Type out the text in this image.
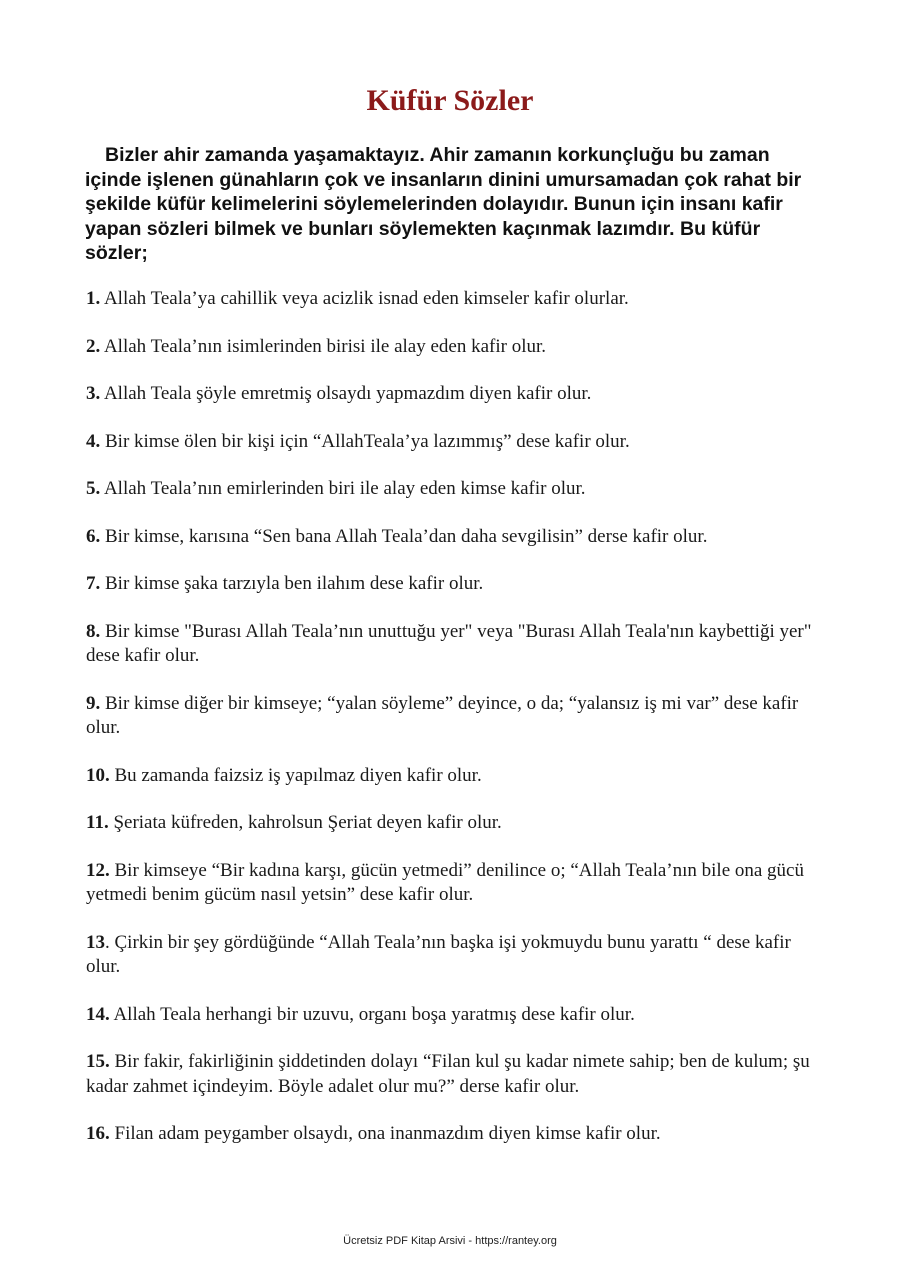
Küfür Sözler

Bizler ahir zamanda yaşamaktayız. Ahir zamanın korkunçluğu bu zaman içinde işlenen günahların çok ve insanların dinini umursamadan çok rahat bir şekilde küfür kelimelerini söylemelerinden dolayıdır. Bunun için insanı kafir yapan sözleri bilmek ve bunları söylemekten kaçınmak lazımdır. Bu küfür sözler;

1. Allah Teala’ya cahillik veya acizlik isnad eden kimseler kafir olurlar.
2. Allah Teala’nın isimlerinden birisi ile alay eden kafir olur.
3. Allah Teala şöyle emretmiş olsaydı yapmazdım diyen kafir olur.
4. Bir kimse ölen bir kişi için “AllahTeala’ya lazımmış” dese kafir olur.
5. Allah Teala’nın emirlerinden biri ile alay eden kimse kafir olur.
6. Bir kimse, karısına “Sen bana Allah Teala’dan daha sevgilisin” derse kafir olur.
7. Bir kimse şaka tarzıyla ben ilahım dese kafir olur.
8. Bir kimse "Burası Allah Teala’nın unuttuğu yer" veya "Burası Allah Teala'nın kaybettiği yer" dese kafir olur.
9. Bir kimse diğer bir kimseye; “yalan söyleme” deyince, o da; “yalansız iş mi var” dese kafir olur.
10. Bu zamanda faizsiz iş yapılmaz diyen kafir olur.
11. Şeriata küfreden, kahrolsun Şeriat deyen kafir olur.
12. Bir kimseye “Bir kadına karşı, gücün yetmedi” denilince o; “Allah Teala’nın bile ona gücü yetmedi benim gücüm nasıl yetsin” dese kafir olur.
13. Çirkin bir şey gördüğünde “Allah Teala’nın başka işi yokmuydu bunu yarattı “ dese kafir olur.
14. Allah Teala herhangi bir uzuvu, organı boşa yaratmış dese kafir olur.
15. Bir fakir, fakirliğinin şiddetinden dolayı “Filan kul şu kadar nimete sahip; ben de kulum; şu kadar zahmet içindeyim. Böyle adalet olur mu?” derse kafir olur.
16. Filan adam peygamber olsaydı, ona inanmazdım diyen kimse kafir olur.
Ücretsiz PDF Kitap Arsivi - https://rantey.org
